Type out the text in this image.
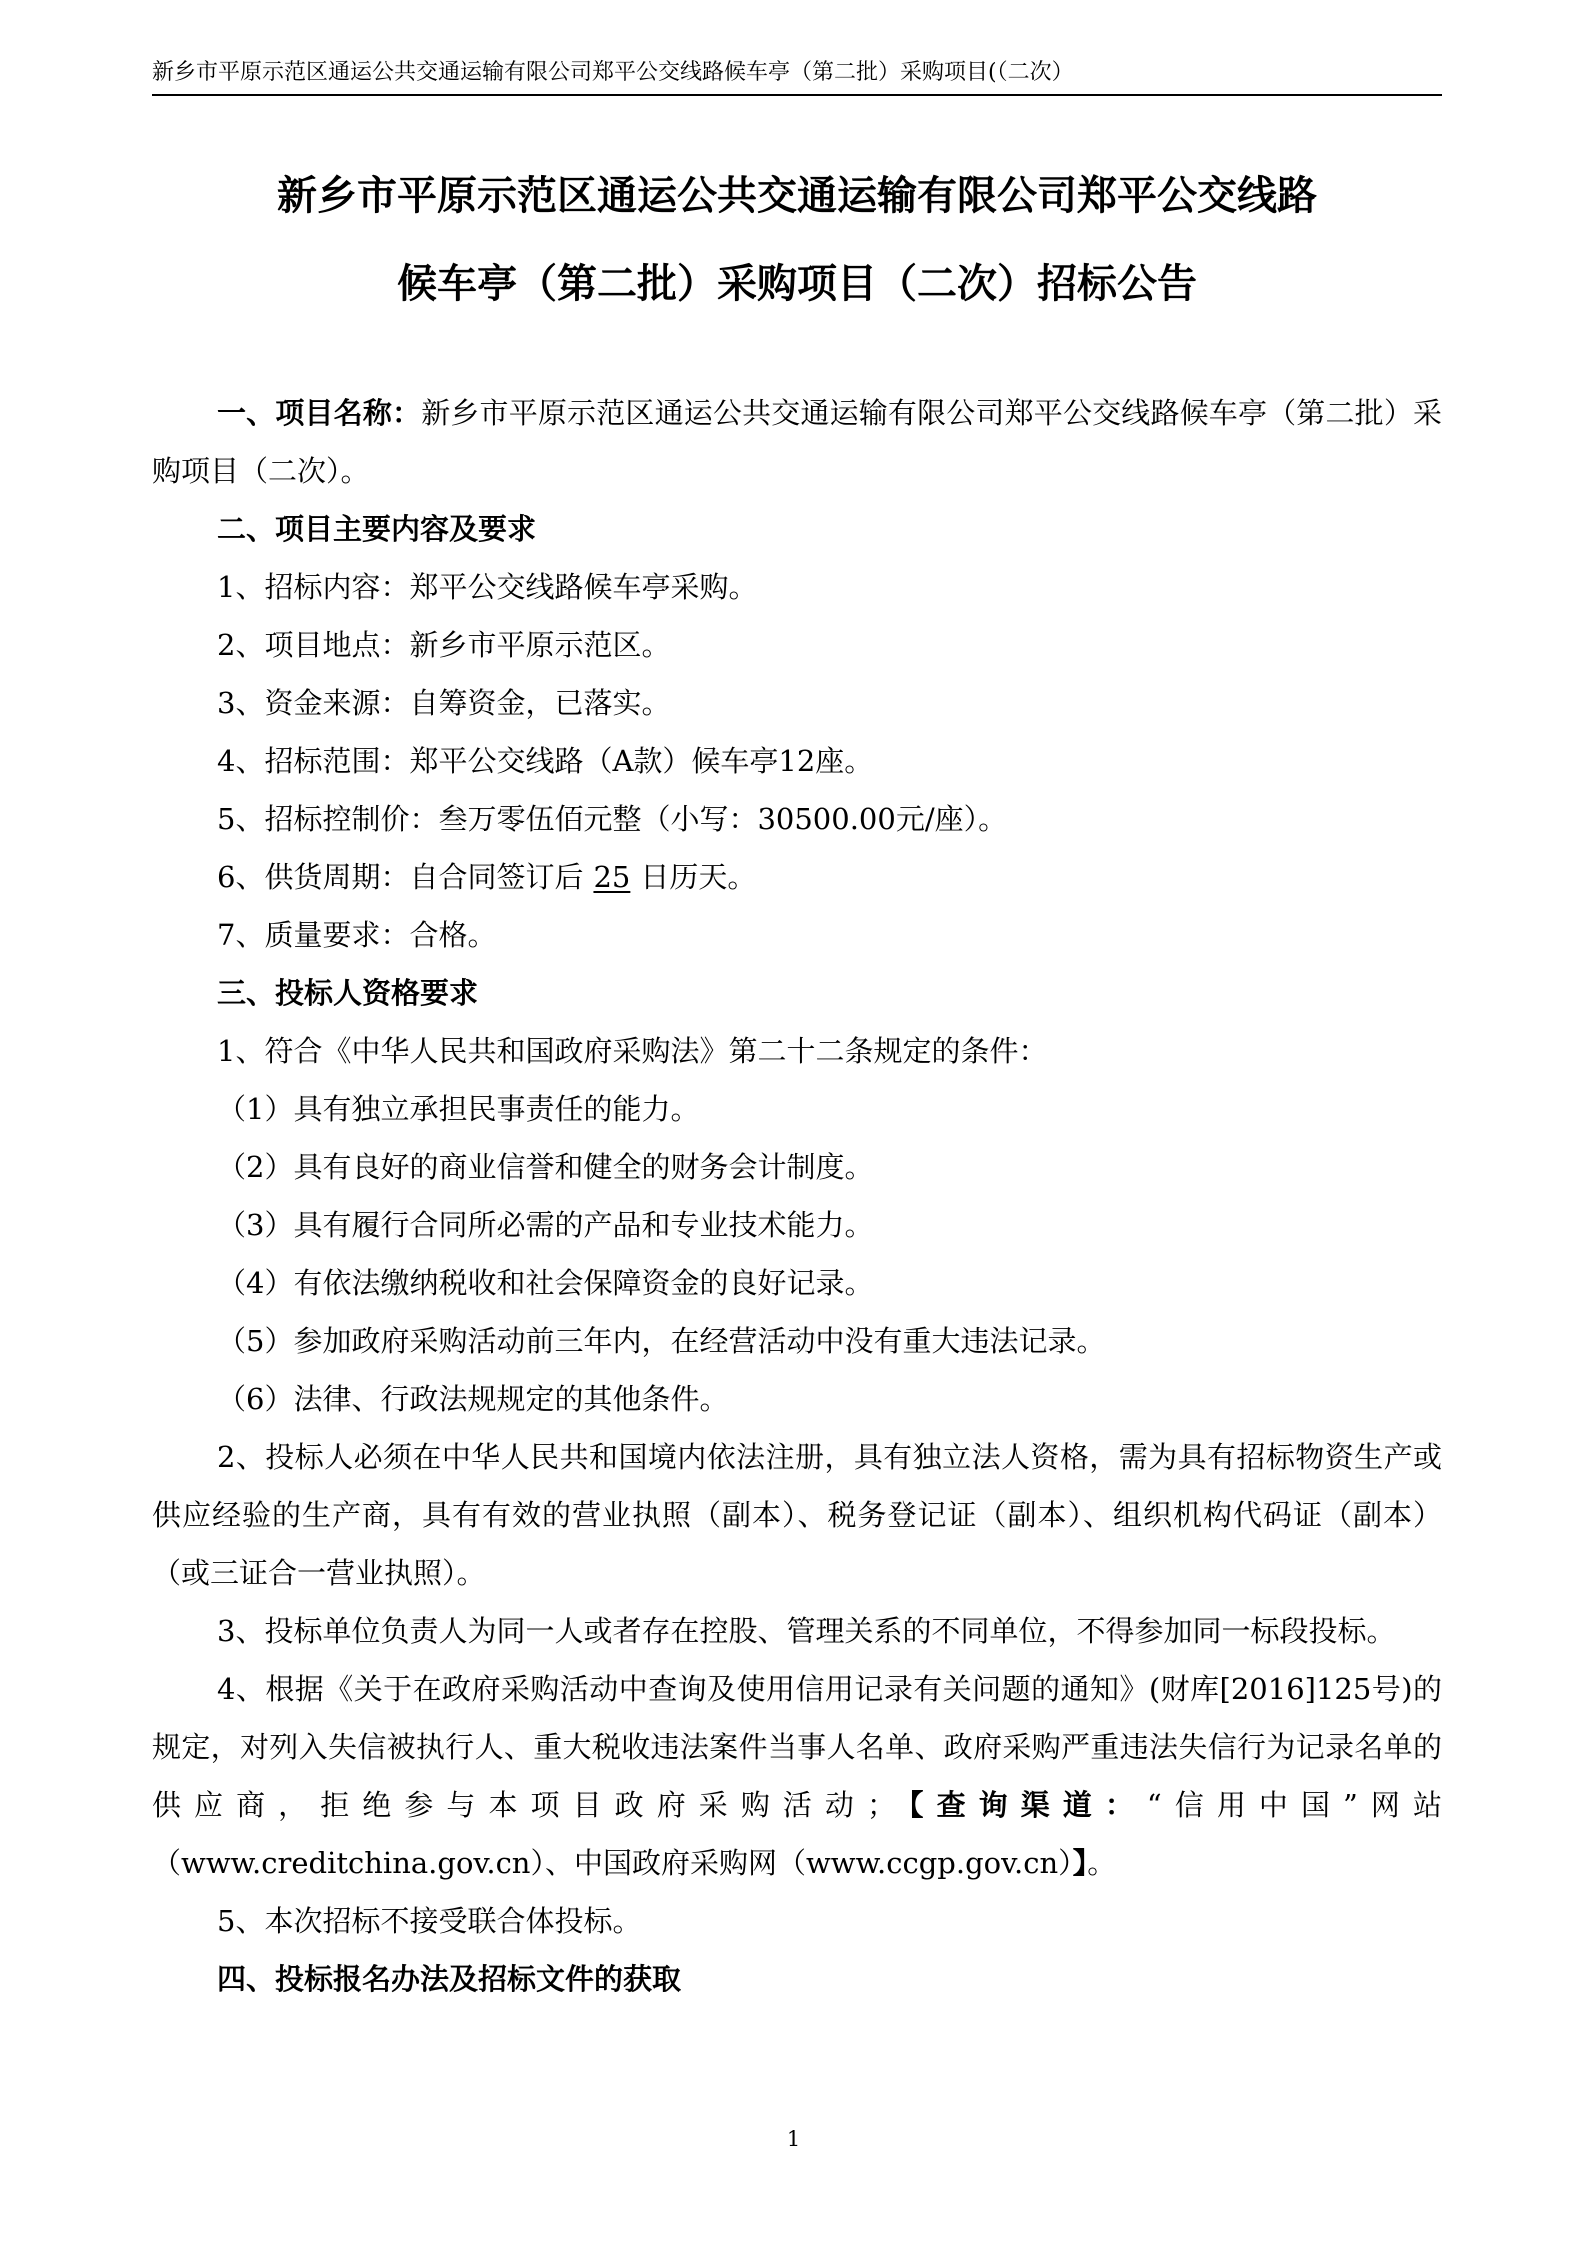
新乡市平原示范区通运公共交通运输有限公司郑平公交线路候车亭（第二批）采购项目(（二次）
新乡市平原示范区通运公共交通运输有限公司郑平公交线路
候车亭（第二批）采购项目（二次）招标公告

一、项目名称：新乡市平原示范区通运公共交通运输有限公司郑平公交线路候车亭（第二批）采购项目（二次）。

二、项目主要内容及要求

1、招标内容：郑平公交线路候车亭采购。

2、项目地点：新乡市平原示范区。

3、资金来源：自筹资金，已落实。

4、招标范围：郑平公交线路（A款）候车亭12座。

5、招标控制价：叁万零伍佰元整（小写：30500.00元/座）。

6、供货周期：自合同签订后 25 日历天。

7、质量要求：合格。

三、投标人资格要求

1、符合《中华人民共和国政府采购法》第二十二条规定的条件：

（1）具有独立承担民事责任的能力。

（2）具有良好的商业信誉和健全的财务会计制度。

（3）具有履行合同所必需的产品和专业技术能力。

（4）有依法缴纳税收和社会保障资金的良好记录。

（5）参加政府采购活动前三年内，在经营活动中没有重大违法记录。

（6）法律、行政法规规定的其他条件。

2、投标人必须在中华人民共和国境内依法注册，具有独立法人资格，需为具有招标物资生产或供应经验的生产商，具有有效的营业执照（副本）、税务登记证（副本）、组织机构代码证（副本）（或三证合一营业执照）。

3、投标单位负责人为同一人或者存在控股、管理关系的不同单位，不得参加同一标段投标。

4、根据《关于在政府采购活动中查询及使用信用记录有关问题的通知》(财库[2016]125号)的规定，对列入失信被执行人、重大税收违法案件当事人名单、政府采购严重违法失信行为记录名单的供应商，拒绝参与本项目政府采购活动；【查询渠道：“信用中国”网站（www.creditchina.gov.cn）、中国政府采购网（www.ccgp.gov.cn）】。

5、本次招标不接受联合体投标。

四、投标报名办法及招标文件的获取

1
